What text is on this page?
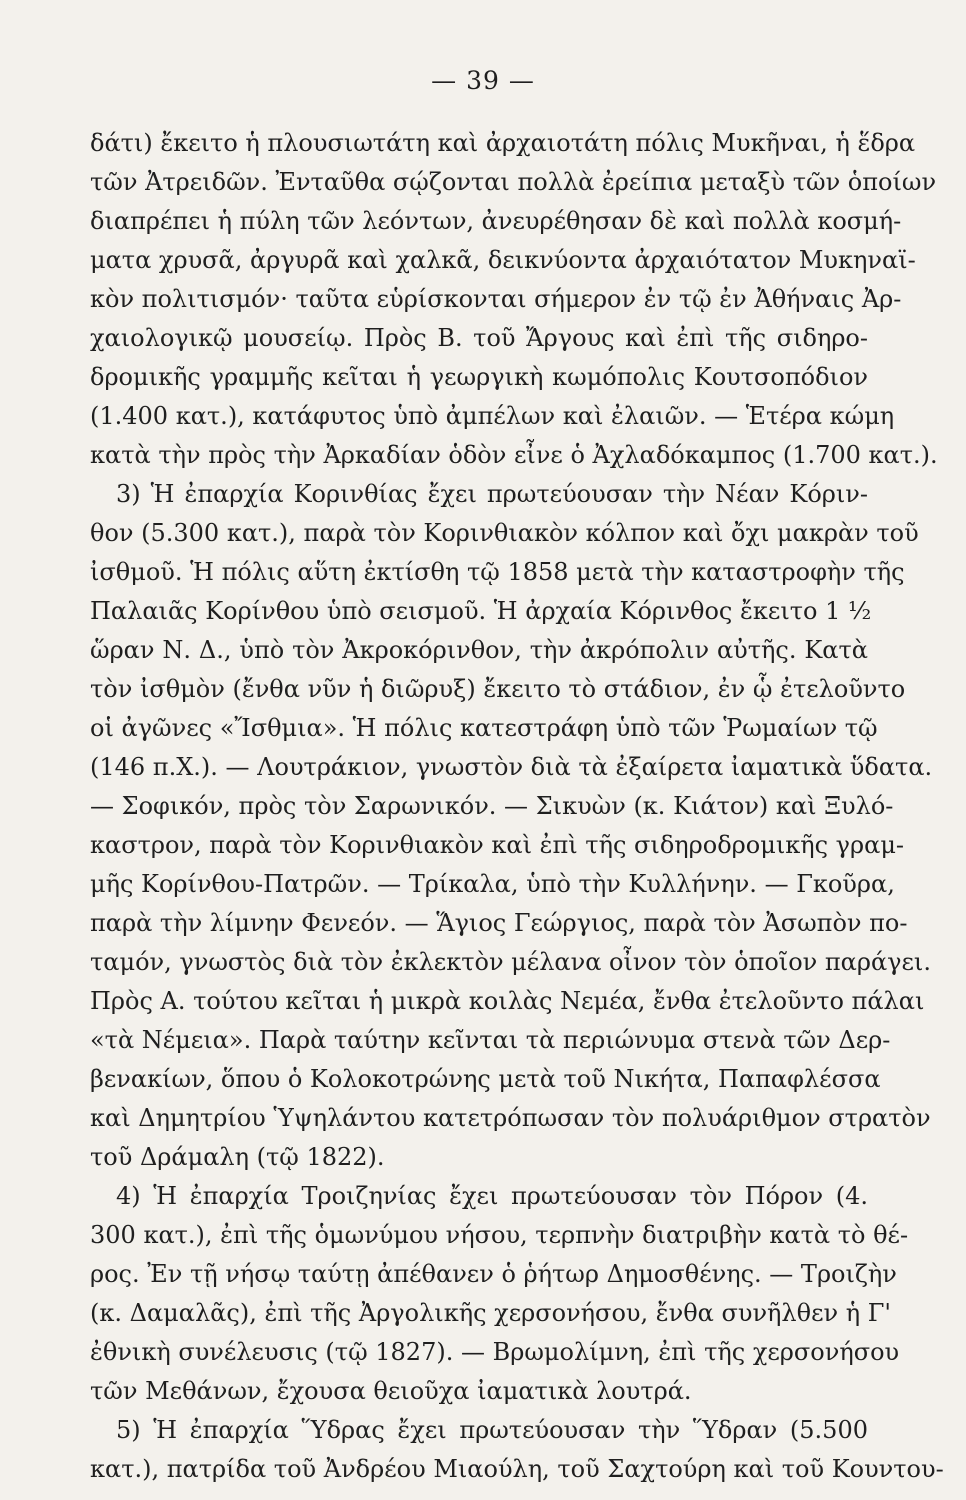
— 39 —
δάτι) ἔκειτο ἡ πλουσιωτάτη καὶ ἀρχαιοτάτη πόλις Μυκῆναι, ἡ ἕδρα
τῶν Ἀτρειδῶν. Ἐνταῦθα σῴζονται πολλὰ ἐρείπια μεταξὺ τῶν ὁποίων
διαπρέπει ἡ πύλη τῶν λεόντων, ἀνευρέθησαν δὲ καὶ πολλὰ κοσμή-
ματα χρυσᾶ, ἀργυρᾶ καὶ χαλκᾶ, δεικνύοντα ἀρχαιότατον Μυκηναϊ-
κὸν πολιτισμόν· ταῦτα εὑρίσκονται σήμερον ἐν τῷ ἐν Ἀθήναις Ἀρ-
χαιολογικῷ μουσείῳ. Πρὸς Β. τοῦ Ἄργους καὶ ἐπὶ τῆς σιδηρο-
δρομικῆς γραμμῆς κεῖται ἡ γεωργικὴ κωμόπολις Κουτσοπόδιον
(1.400 κατ.), κατάφυτος ὑπὸ ἀμπέλων καὶ ἐλαιῶν. — Ἑτέρα κώμη
κατὰ τὴν πρὸς τὴν Ἀρκαδίαν ὁδὸν εἶνε ὁ Ἀχλαδόκαμπος (1.700 κατ.).
3) Ἡ ἐπαρχία Κορινθίας ἔχει πρωτεύουσαν τὴν Νέαν Κόριν-
θον (5.300 κατ.), παρὰ τὸν Κορινθιακὸν κόλπον καὶ ὄχι μακρὰν τοῦ
ἰσθμοῦ. Ἡ πόλις αὕτη ἐκτίσθη τῷ 1858 μετὰ τὴν καταστροφὴν τῆς
Παλαιᾶς Κορίνθου ὑπὸ σεισμοῦ. Ἡ ἀρχαία Κόρινθος ἔκειτο 1 ½
ὥραν Ν. Δ., ὑπὸ τὸν Ἀκροκόρινθον, τὴν ἀκρόπολιν αὐτῆς. Κατὰ
τὸν ἰσθμὸν (ἔνθα νῦν ἡ διῶρυξ) ἔκειτο τὸ στάδιον, ἐν ᾧ ἐτελοῦντο
οἱ ἀγῶνες «Ἴσθμια». Ἡ πόλις κατεστράφη ὑπὸ τῶν Ῥωμαίων τῷ
(146 π.Χ.). — Λουτράκιον, γνωστὸν διὰ τὰ ἐξαίρετα ἰαματικὰ ὕδατα.
— Σοφικόν, πρὸς τὸν Σαρωνικόν. — Σικυὼν (κ. Κιάτον) καὶ Ξυλό-
καστρον, παρὰ τὸν Κορινθιακὸν καὶ ἐπὶ τῆς σιδηροδρομικῆς γραμ-
μῆς Κορίνθου-Πατρῶν. — Τρίκαλα, ὑπὸ τὴν Κυλλήνην. — Γκοῦρα,
παρὰ τὴν λίμνην Φενεόν. — Ἅγιος Γεώργιος, παρὰ τὸν Ἀσωπὸν πο-
ταμόν, γνωστὸς διὰ τὸν ἐκλεκτὸν μέλανα οἶνον τὸν ὁποῖον παράγει.
Πρὸς Α. τούτου κεῖται ἡ μικρὰ κοιλὰς Νεμέα, ἔνθα ἐτελοῦντο πάλαι
«τὰ Νέμεια». Παρὰ ταύτην κεῖνται τὰ περιώνυμα στενὰ τῶν Δερ-
βενακίων, ὅπου ὁ Κολοκοτρώνης μετὰ τοῦ Νικήτα, Παπαφλέσσα
καὶ Δημητρίου Ὑψηλάντου κατετρόπωσαν τὸν πολυάριθμον στρατὸν
τοῦ Δράμαλη (τῷ 1822).
4) Ἡ ἐπαρχία Τροιζηνίας ἔχει πρωτεύουσαν τὸν Πόρον (4.
300 κατ.), ἐπὶ τῆς ὁμωνύμου νήσου, τερπνὴν διατριβὴν κατὰ τὸ θέ-
ρος. Ἐν τῇ νήσῳ ταύτῃ ἀπέθανεν ὁ ῥήτωρ Δημοσθένης. — Τροιζὴν
(κ. Δαμαλᾶς), ἐπὶ τῆς Ἀργολικῆς χερσονήσου, ἔνθα συνῆλθεν ἡ Γ'
ἐθνικὴ συνέλευσις (τῷ 1827). — Βρωμολίμνη, ἐπὶ τῆς χερσονήσου
τῶν Μεθάνων, ἔχουσα θειοῦχα ἰαματικὰ λουτρά.
5) Ἡ ἐπαρχία Ὕδρας ἔχει πρωτεύουσαν τὴν Ὕδραν (5.500
κατ.), πατρίδα τοῦ Ἀνδρέου Μιαούλη, τοῦ Σαχτούρη καὶ τοῦ Κουντου-
